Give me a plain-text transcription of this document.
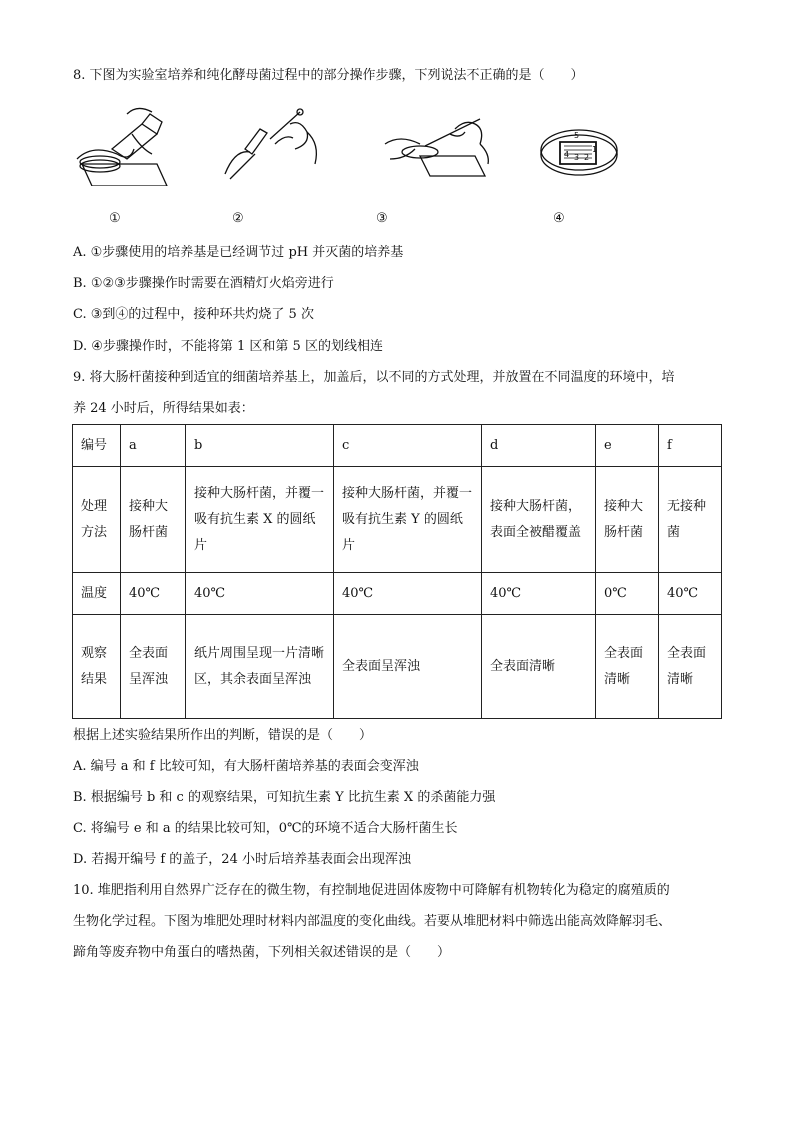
8. 下图为实验室培养和纯化酵母菌过程中的部分操作步骤，下列说法不正确的是（　　）
5
4 3 2
1
①	②	③	④
A. ①步骤使用的培养基是已经调节过 pH 并灭菌的培养基
B. ①②③步骤操作时需要在酒精灯火焰旁进行
C. ③到④的过程中，接种环共灼烧了 5 次
D. ④步骤操作时，不能将第 1 区和第 5 区的划线相连
9. 将大肠杆菌接种到适宜的细菌培养基上，加盖后，以不同的方式处理，并放置在不同温度的环境中，培
养 24 小时后，所得结果如表：
编号	a	b	c	d	e	f
处理方法	接种大肠杆菌	接种大肠杆菌，并覆一吸有抗生素 X 的圆纸片	接种大肠杆菌，并覆一吸有抗生素 Y 的圆纸片	接种大肠杆菌，表面全被醋覆盖	接种大肠杆菌	无接种菌
温度	40℃	40℃	40℃	40℃	0℃	40℃
观察结果	全表面呈浑浊	纸片周围呈现一片清晰区，其余表面呈浑浊	全表面呈浑浊	全表面清晰	全表面清晰	全表面清晰
根据上述实验结果所作出的判断，错误的是（　　）
A. 编号 a 和 f 比较可知，有大肠杆菌培养基的表面会变浑浊
B. 根据编号 b 和 c 的观察结果，可知抗生素 Y 比抗生素 X 的杀菌能力强
C. 将编号 e 和 a 的结果比较可知，0℃的环境不适合大肠杆菌生长
D. 若揭开编号 f 的盖子，24 小时后培养基表面会出现浑浊
10. 堆肥指利用自然界广泛存在的微生物，有控制地促进固体废物中可降解有机物转化为稳定的腐殖质的
生物化学过程。下图为堆肥处理时材料内部温度的变化曲线。若要从堆肥材料中筛选出能高效降解羽毛、
蹄角等废弃物中角蛋白的嗜热菌，下列相关叙述错误的是（　　）
